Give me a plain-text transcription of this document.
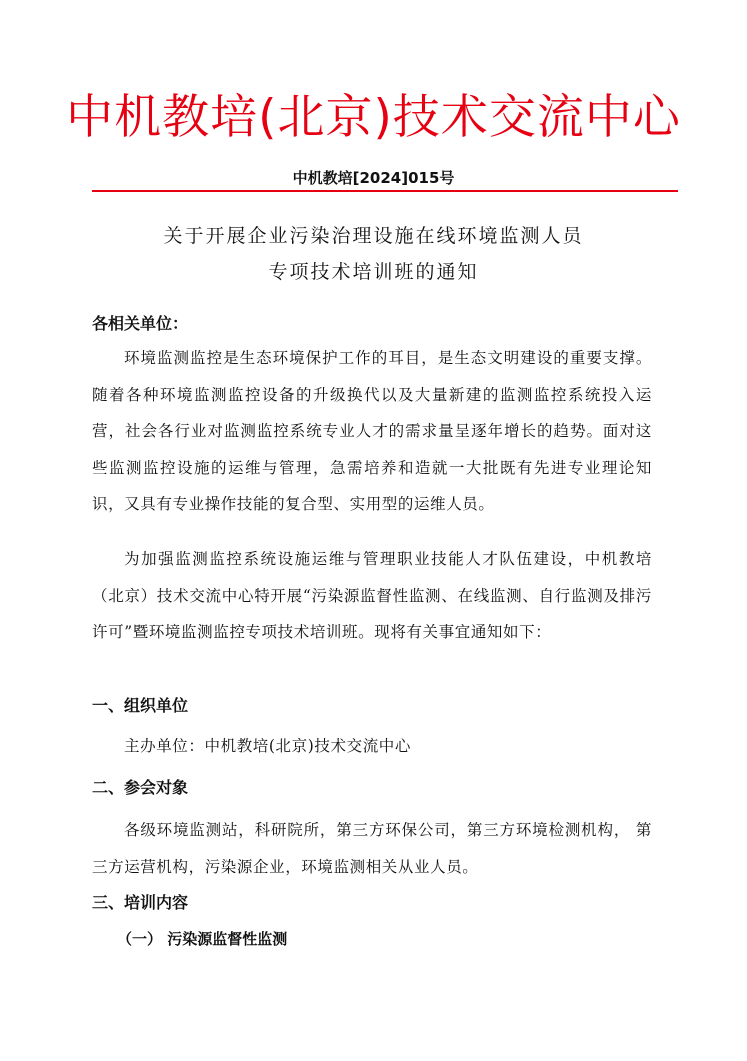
中机教培(北京)技术交流中心
中机教培[2024]015号
关于开展企业污染治理设施在线环境监测人员
专项技术培训班的通知
各相关单位：
环境监测监控是生态环境保护工作的耳目，是生态文明建设的重要支撑。随着各种环境监测监控设备的升级换代以及大量新建的监测监控系统投入运营，社会各行业对监测监控系统专业人才的需求量呈逐年增长的趋势。面对这些监测监控设施的运维与管理，急需培养和造就一大批既有先进专业理论知识，又具有专业操作技能的复合型、实用型的运维人员。
为加强监测监控系统设施运维与管理职业技能人才队伍建设，中机教培（北京）技术交流中心特开展“污染源监督性监测、在线监测、自行监测及排污许可”暨环境监测监控专项技术培训班。现将有关事宜通知如下：
一、组织单位
主办单位：中机教培(北京)技术交流中心
二、参会对象
各级环境监测站，科研院所，第三方环保公司，第三方环境检测机构， 第三方运营机构，污染源企业，环境监测相关从业人员。
三、培训内容
（一） 污染源监督性监测
